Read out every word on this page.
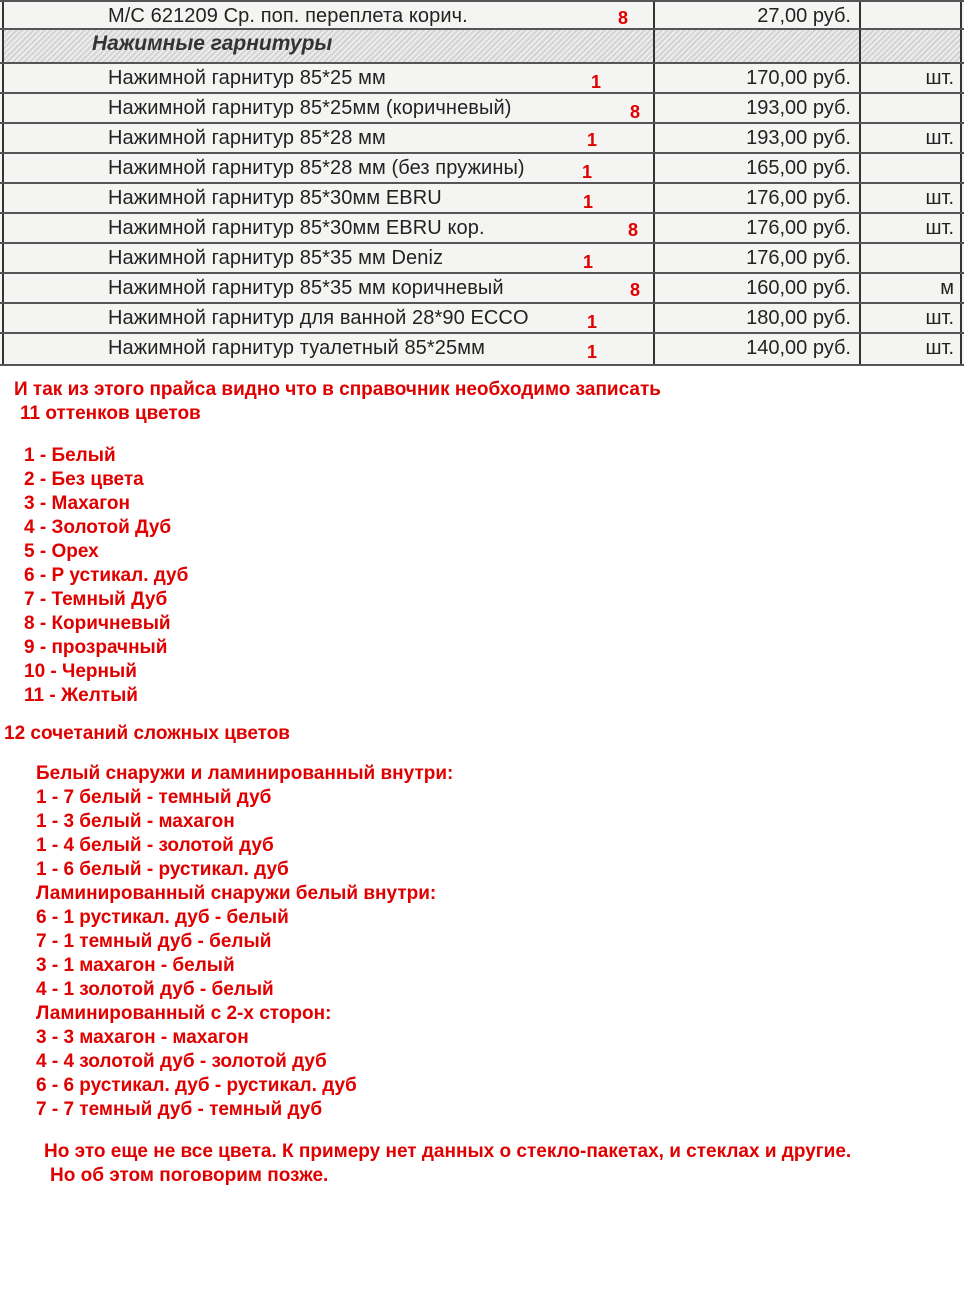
М/С 621209 Ср. поп. переплета корич.	8	27,00 руб.
Нажимные гарнитуры
Нажимной гарнитур 85*25 мм	1	170,00 руб.	шт.
Нажимной гарнитур 85*25мм (коричневый)	8	193,00 руб.
Нажимной гарнитур 85*28 мм	1	193,00 руб.	шт.
Нажимной гарнитур 85*28 мм (без пружины)	1	165,00 руб.
Нажимной гарнитур 85*30мм EBRU	1	176,00 руб.	шт.
Нажимной гарнитур 85*30мм EBRU кор.	8	176,00 руб.	шт.
Нажимной гарнитур 85*35 мм Deniz	1	176,00 руб.
Нажимной гарнитур 85*35 мм коричневый	8	160,00 руб.	м
Нажимной гарнитур для ванной 28*90 ECCO	1	180,00 руб.	шт.
Нажимной гарнитур туалетный 85*25мм	1	140,00 руб.	шт.
И так из этого прайса видно что в справочник необходимо записать
11 оттенков цветов
1 - Белый
2 - Без цвета
3 - Махагон
4 - Золотой Дуб
5 - Орех
6 - Р устикал. дуб
7 - Темный Дуб
8 - Коричневый
9 - прозрачный
10 - Черный
11 - Желтый
12 сочетаний сложных цветов
Белый снаружи и ламинированный внутри:
1 - 7 белый - темный дуб
1 - 3 белый - махагон
1 - 4 белый - золотой дуб
1 - 6 белый - рустикал. дуб
Ламинированный снаружи белый внутри:
6 - 1 рустикал. дуб - белый
7 - 1 темный дуб - белый
3 - 1 махагон - белый
4 - 1 золотой дуб - белый
Ламинированный с 2-х сторон:
3 - 3 махагон - махагон
4 - 4 золотой дуб - золотой дуб
6 - 6 рустикал. дуб - рустикал. дуб
7 - 7 темный дуб - темный дуб
Но это еще не все цвета. К примеру нет данных о стекло-пакетах, и стеклах и другие.
Но об этом поговорим позже.
